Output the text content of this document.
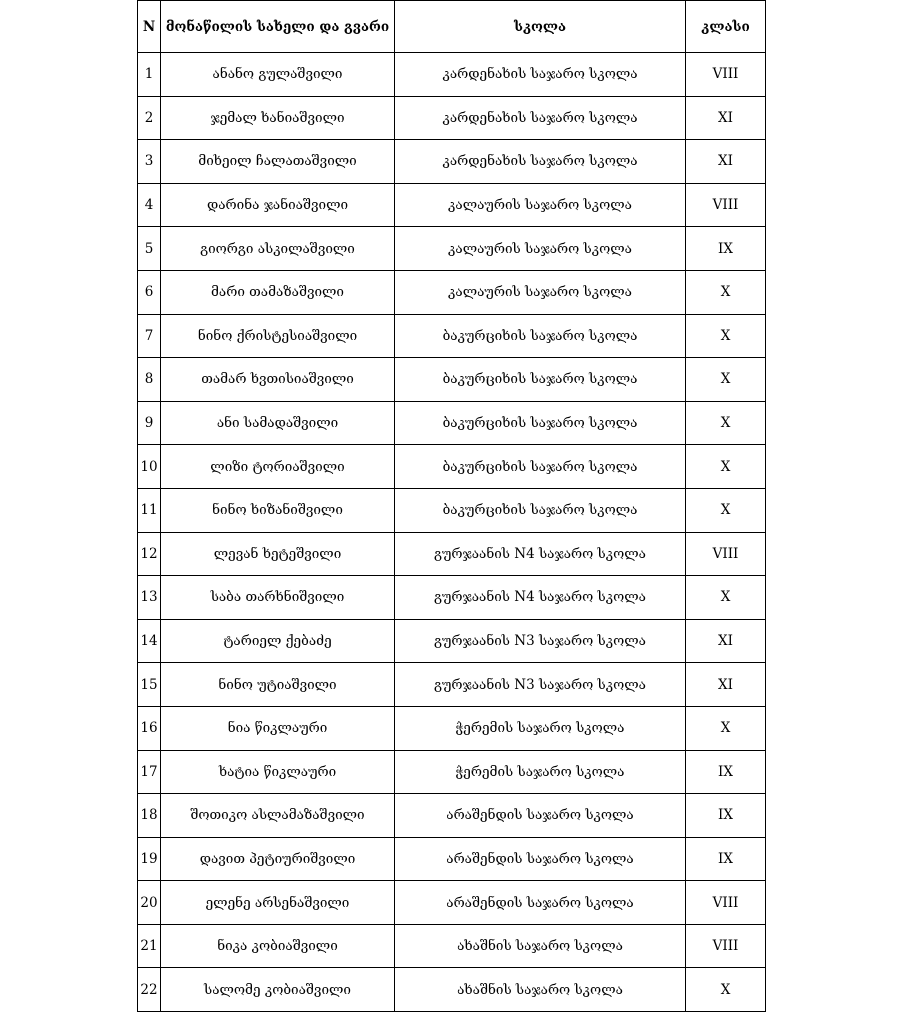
N	მონაწილის სახელი და გვარი	სკოლა	კლასი
1	ანანო გულაშვილი	კარდენახის საჯარო სკოლა	VIII
2	ჯემალ ხანიაშვილი	კარდენახის საჯარო სკოლა	XI
3	მიხეილ ჩალათაშვილი	კარდენახის საჯარო სკოლა	XI
4	დარინა ჯანიაშვილი	კალაურის საჯარო სკოლა	VIII
5	გიორგი ასკილაშვილი	კალაურის საჯარო სკოლა	IX
6	მარი თამაზაშვილი	კალაურის საჯარო სკოლა	X
7	ნინო ქრისტესიაშვილი	ბაკურციხის საჯარო სკოლა	X
8	თამარ ხვთისიაშვილი	ბაკურციხის საჯარო სკოლა	X
9	ანი სამადაშვილი	ბაკურციხის საჯარო სკოლა	X
10	ლიზი ტორიაშვილი	ბაკურციხის საჯარო სკოლა	X
11	ნინო ხიზანიშვილი	ბაკურციხის საჯარო სკოლა	X
12	ლევან ხეტეშვილი	გურჯაანის N4 საჯარო სკოლა	VIII
13	საბა თარხნიშვილი	გურჯაანის N4 საჯარო სკოლა	X
14	ტარიელ ქებაძე	გურჯაანის N3 საჯარო სკოლა	XI
15	ნინო უტიაშვილი	გურჯაანის N3 საჯარო სკოლა	XI
16	ნია წიკლაური	ჭერემის საჯარო სკოლა	X
17	ხატია წიკლაური	ჭერემის საჯარო სკოლა	IX
18	შოთიკო ასლამაზაშვილი	არაშენდის საჯარო სკოლა	IX
19	დავით პეტიურიშვილი	არაშენდის საჯარო სკოლა	IX
20	ელენე არსენაშვილი	არაშენდის საჯარო სკოლა	VIII
21	ნიკა კობიაშვილი	ახაშნის საჯარო სკოლა	VIII
22	სალომე კობიაშვილი	ახაშნის საჯარო სკოლა	X
